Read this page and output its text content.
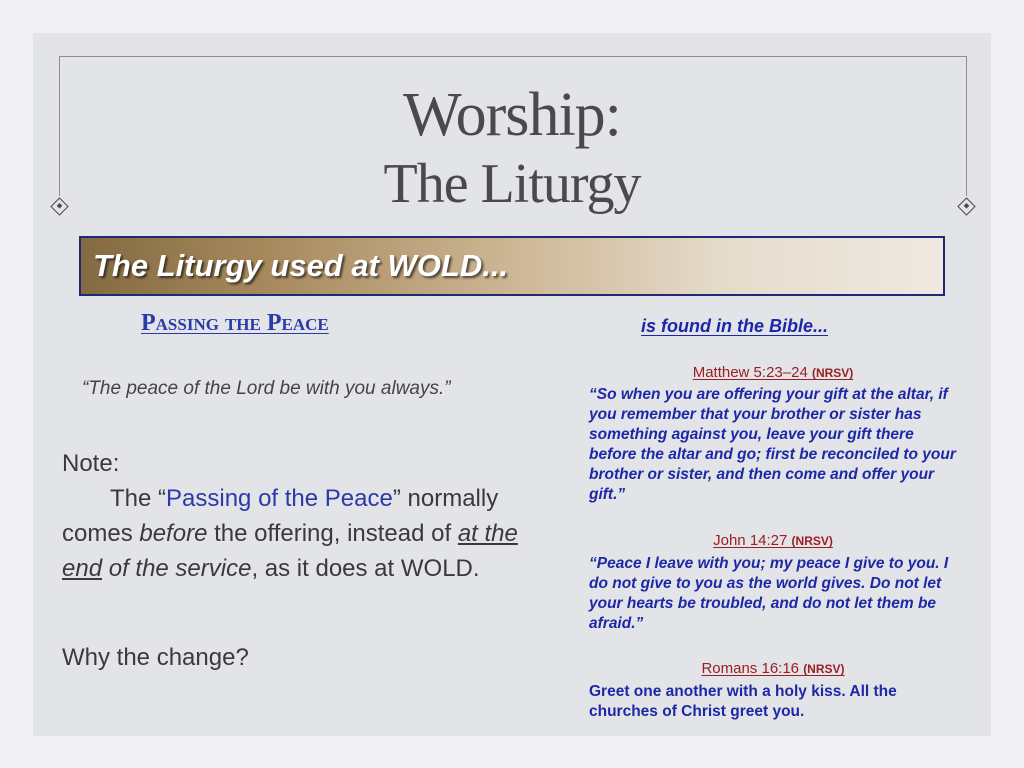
Worship:
The Liturgy
The Liturgy used at WOLD...
Passing the Peace
“The peace of the Lord be with you always.”
Note:
The “Passing of the Peace” normally comes before the offering, instead of at the end of the service, as it does at WOLD.
Why the change?
is found in the Bible...
Matthew 5:23–24 (NRSV)
“So when you are offering your gift at the altar, if you remember that your brother or sister has something against you, leave your gift there before the altar and go; first be reconciled to your brother or sister, and then come and offer your gift.”
John 14:27 (NRSV)
“Peace I leave with you; my peace I give to you. I do not give to you as the world gives. Do not let your hearts be troubled, and do not let them be afraid.”
Romans 16:16 (NRSV)
Greet one another with a holy kiss. All the churches of Christ greet you.
